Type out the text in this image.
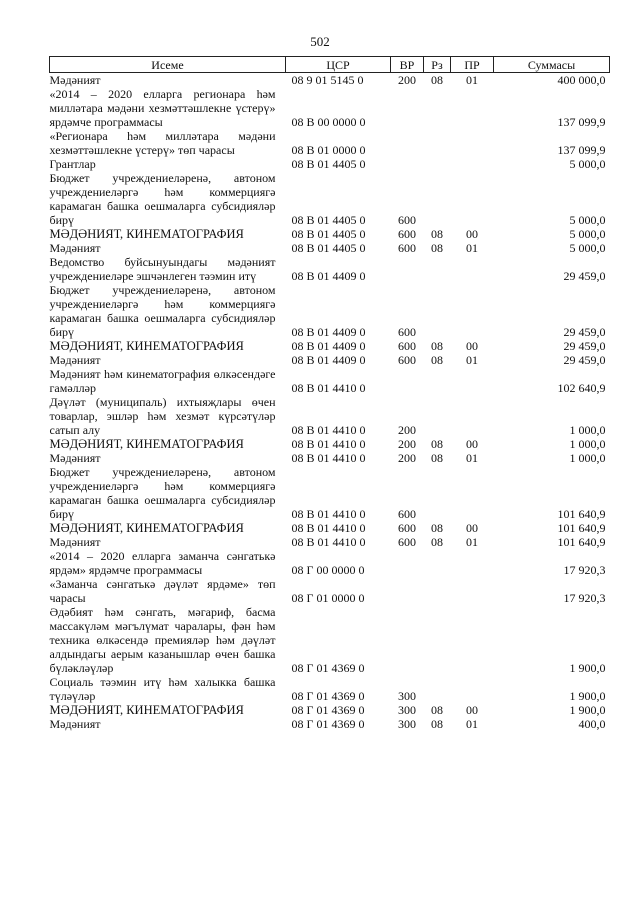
502
Исеме	ЦСР	ВР	Рз	ПР	Суммасы
Мәдәният	08 9 01 5145 0	200	08	01	400 000,0
«2014 – 2020 елларга регионара һәм милләтара мәдәни хезмәттәшлекне үстерү» ярдәмче программасы	08 В 00 0000 0				137 099,9
«Регионара һәм милләтара мәдәни хезмәттәшлекне үстерү» төп чарасы	08 В 01 0000 0				137 099,9
Грантлар	08 В 01 4405 0				5 000,0
Бюджет учреждениеләренә, автоном учреждениеләргә һәм коммерциягә карамаган башка оешмаларга субсидияләр бирү	08 В 01 4405 0	600			5 000,0
МӘДӘНИЯТ, КИНЕМАТОГРАФИЯ	08 В 01 4405 0	600	08	00	5 000,0
Мәдәният	08 В 01 4405 0	600	08	01	5 000,0
Ведомство буйсынуындагы мәдәният учреждениеләре эшчәнлеген тәэмин итү	08 В 01 4409 0				29 459,0
Бюджет учреждениеләренә, автоном учреждениеләргә һәм коммерциягә карамаган башка оешмаларга субсидияләр бирү	08 В 01 4409 0	600			29 459,0
МӘДӘНИЯТ, КИНЕМАТОГРАФИЯ	08 В 01 4409 0	600	08	00	29 459,0
Мәдәният	08 В 01 4409 0	600	08	01	29 459,0
Мәдәният һәм кинематография өлкәсендәге гамәлләр	08 В 01 4410 0				102 640,9
Дәүләт (муниципаль) ихтыяҗлары өчен товарлар, эшләр һәм хезмәт күрсәтүләр сатып алу	08 В 01 4410 0	200			1 000,0
МӘДӘНИЯТ, КИНЕМАТОГРАФИЯ	08 В 01 4410 0	200	08	00	1 000,0
Мәдәният	08 В 01 4410 0	200	08	01	1 000,0
Бюджет учреждениеләренә, автоном учреждениеләргә һәм коммерциягә карамаган башка оешмаларга субсидияләр бирү	08 В 01 4410 0	600			101 640,9
МӘДӘНИЯТ, КИНЕМАТОГРАФИЯ	08 В 01 4410 0	600	08	00	101 640,9
Мәдәният	08 В 01 4410 0	600	08	01	101 640,9
«2014 – 2020 елларга заманча сәнгатькә ярдәм» ярдәмче программасы	08 Г 00 0000 0				17 920,3
«Заманча сәнгатькә дәүләт ярдәме» төп чарасы	08 Г 01 0000 0				17 920,3
Әдәбият һәм сәнгать, мәгариф, басма массакүләм мәгълүмат чаралары, фән һәм техника өлкәсендә премияләр һәм дәүләт алдындагы аерым казанышлар өчен башка бүләкләүләр	08 Г 01 4369 0				1 900,0
Социаль тәэмин итү һәм халыкка башка түләүләр	08 Г 01 4369 0	300			1 900,0
МӘДӘНИЯТ, КИНЕМАТОГРАФИЯ	08 Г 01 4369 0	300	08	00	1 900,0
Мәдәният	08 Г 01 4369 0	300	08	01	400,0
